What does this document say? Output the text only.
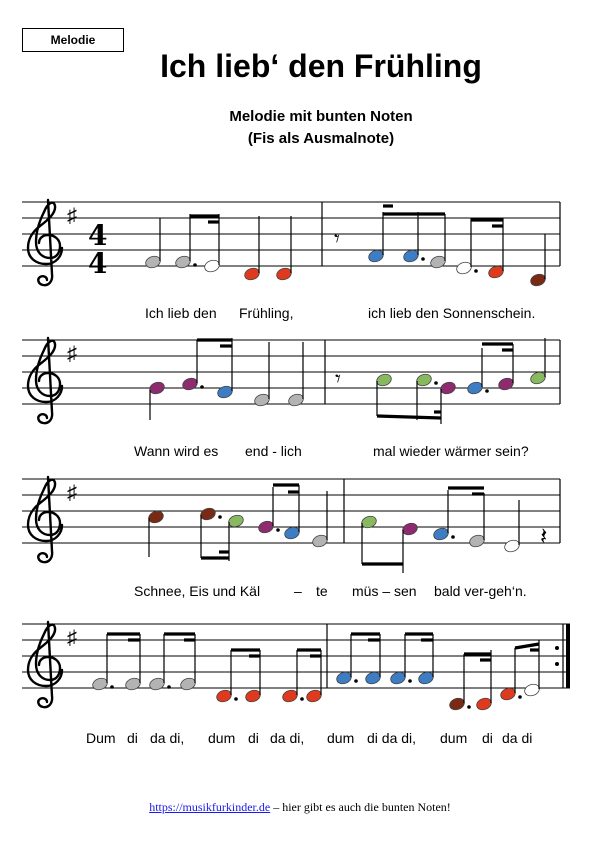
Melodie
Ich lieb‘ den Frühling
Melodie mit bunten Noten
(Fis als Ausmalnote)
♯
4
4
♯
♯
♯
𝄾
𝄾
𝄽
Ich lieb den Frühling,	ich lieb den Sonnenschein.
Wann wird es end - lich	mal wieder wärmer sein?
Schnee, Eis und Käl – te müs – sen bald ver-geh‘n.
Dum di da di, dum di da di, dum di da di, dum di da di
https://musikfurkinder.de – hier gibt es auch die bunten Noten!
